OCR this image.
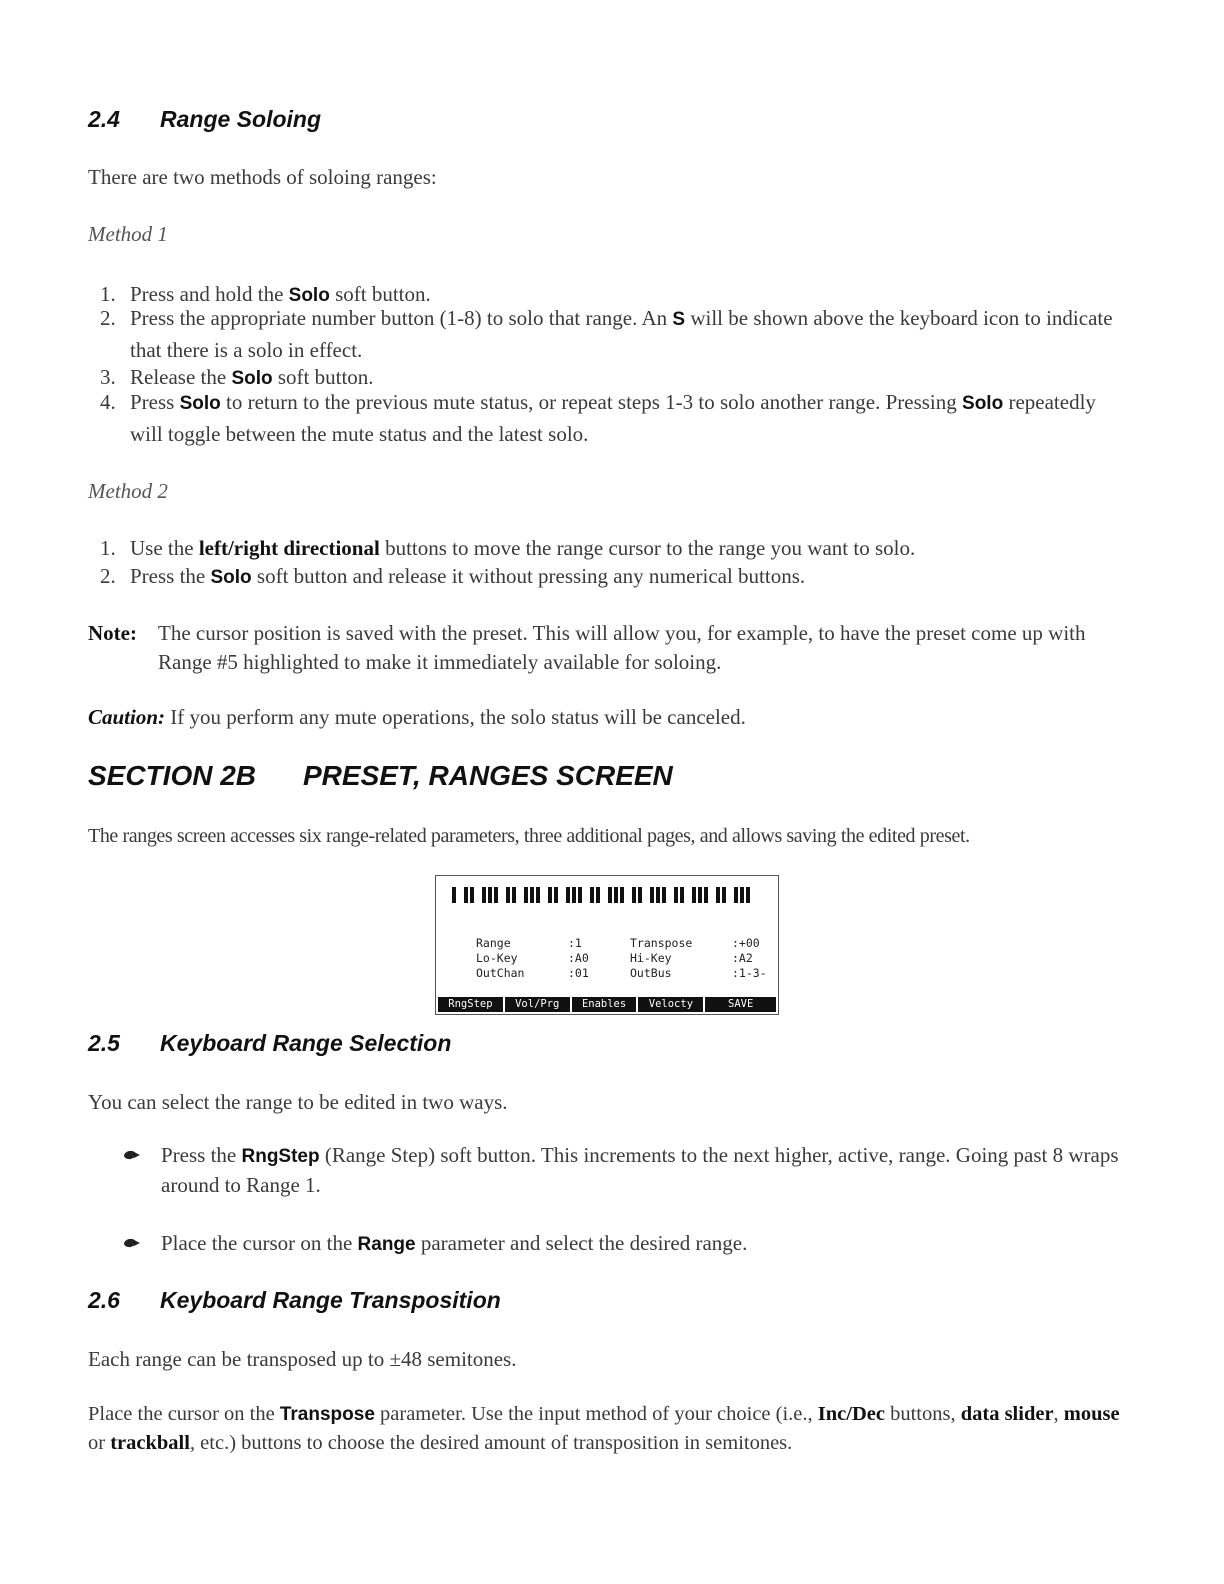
2.4 Range Soloing
There are two methods of soloing ranges:
Method 1
1. Press and hold the Solo soft button.
2. Press the appropriate number button (1-8) to solo that range. An S will be shown above the keyboard icon to indicate that there is a solo in effect.
3. Release the Solo soft button.
4. Press Solo to return to the previous mute status, or repeat steps 1-3 to solo another range. Pressing Solo repeatedly will toggle between the mute status and the latest solo.
Method 2
1. Use the left/right directional buttons to move the range cursor to the range you want to solo.
2. Press the Solo soft button and release it without pressing any numerical buttons.
Note: The cursor position is saved with the preset. This will allow you, for example, to have the preset come up with Range #5 highlighted to make it immediately available for soloing.
Caution: If you perform any mute operations, the solo status will be canceled.
SECTION 2B PRESET, RANGES SCREEN
The ranges screen accesses six range-related parameters, three additional pages, and allows saving the edited preset.
Range	:1	Transpose	:+00
Lo-Key	:A0	Hi-Key	:A2
OutChan	:01	OutBus	:1-3-
RngStep	Vol/Prg	Enables	Velocty	SAVE
2.5 Keyboard Range Selection
You can select the range to be edited in two ways.
Press the RngStep (Range Step) soft button. This increments to the next higher, active, range. Going past 8 wraps around to Range 1.
Place the cursor on the Range parameter and select the desired range.
2.6 Keyboard Range Transposition
Each range can be transposed up to ±48 semitones.
Place the cursor on the Transpose parameter. Use the input method of your choice (i.e., Inc/Dec buttons, data slider, mouse or trackball, etc.) buttons to choose the desired amount of transposition in semitones.
